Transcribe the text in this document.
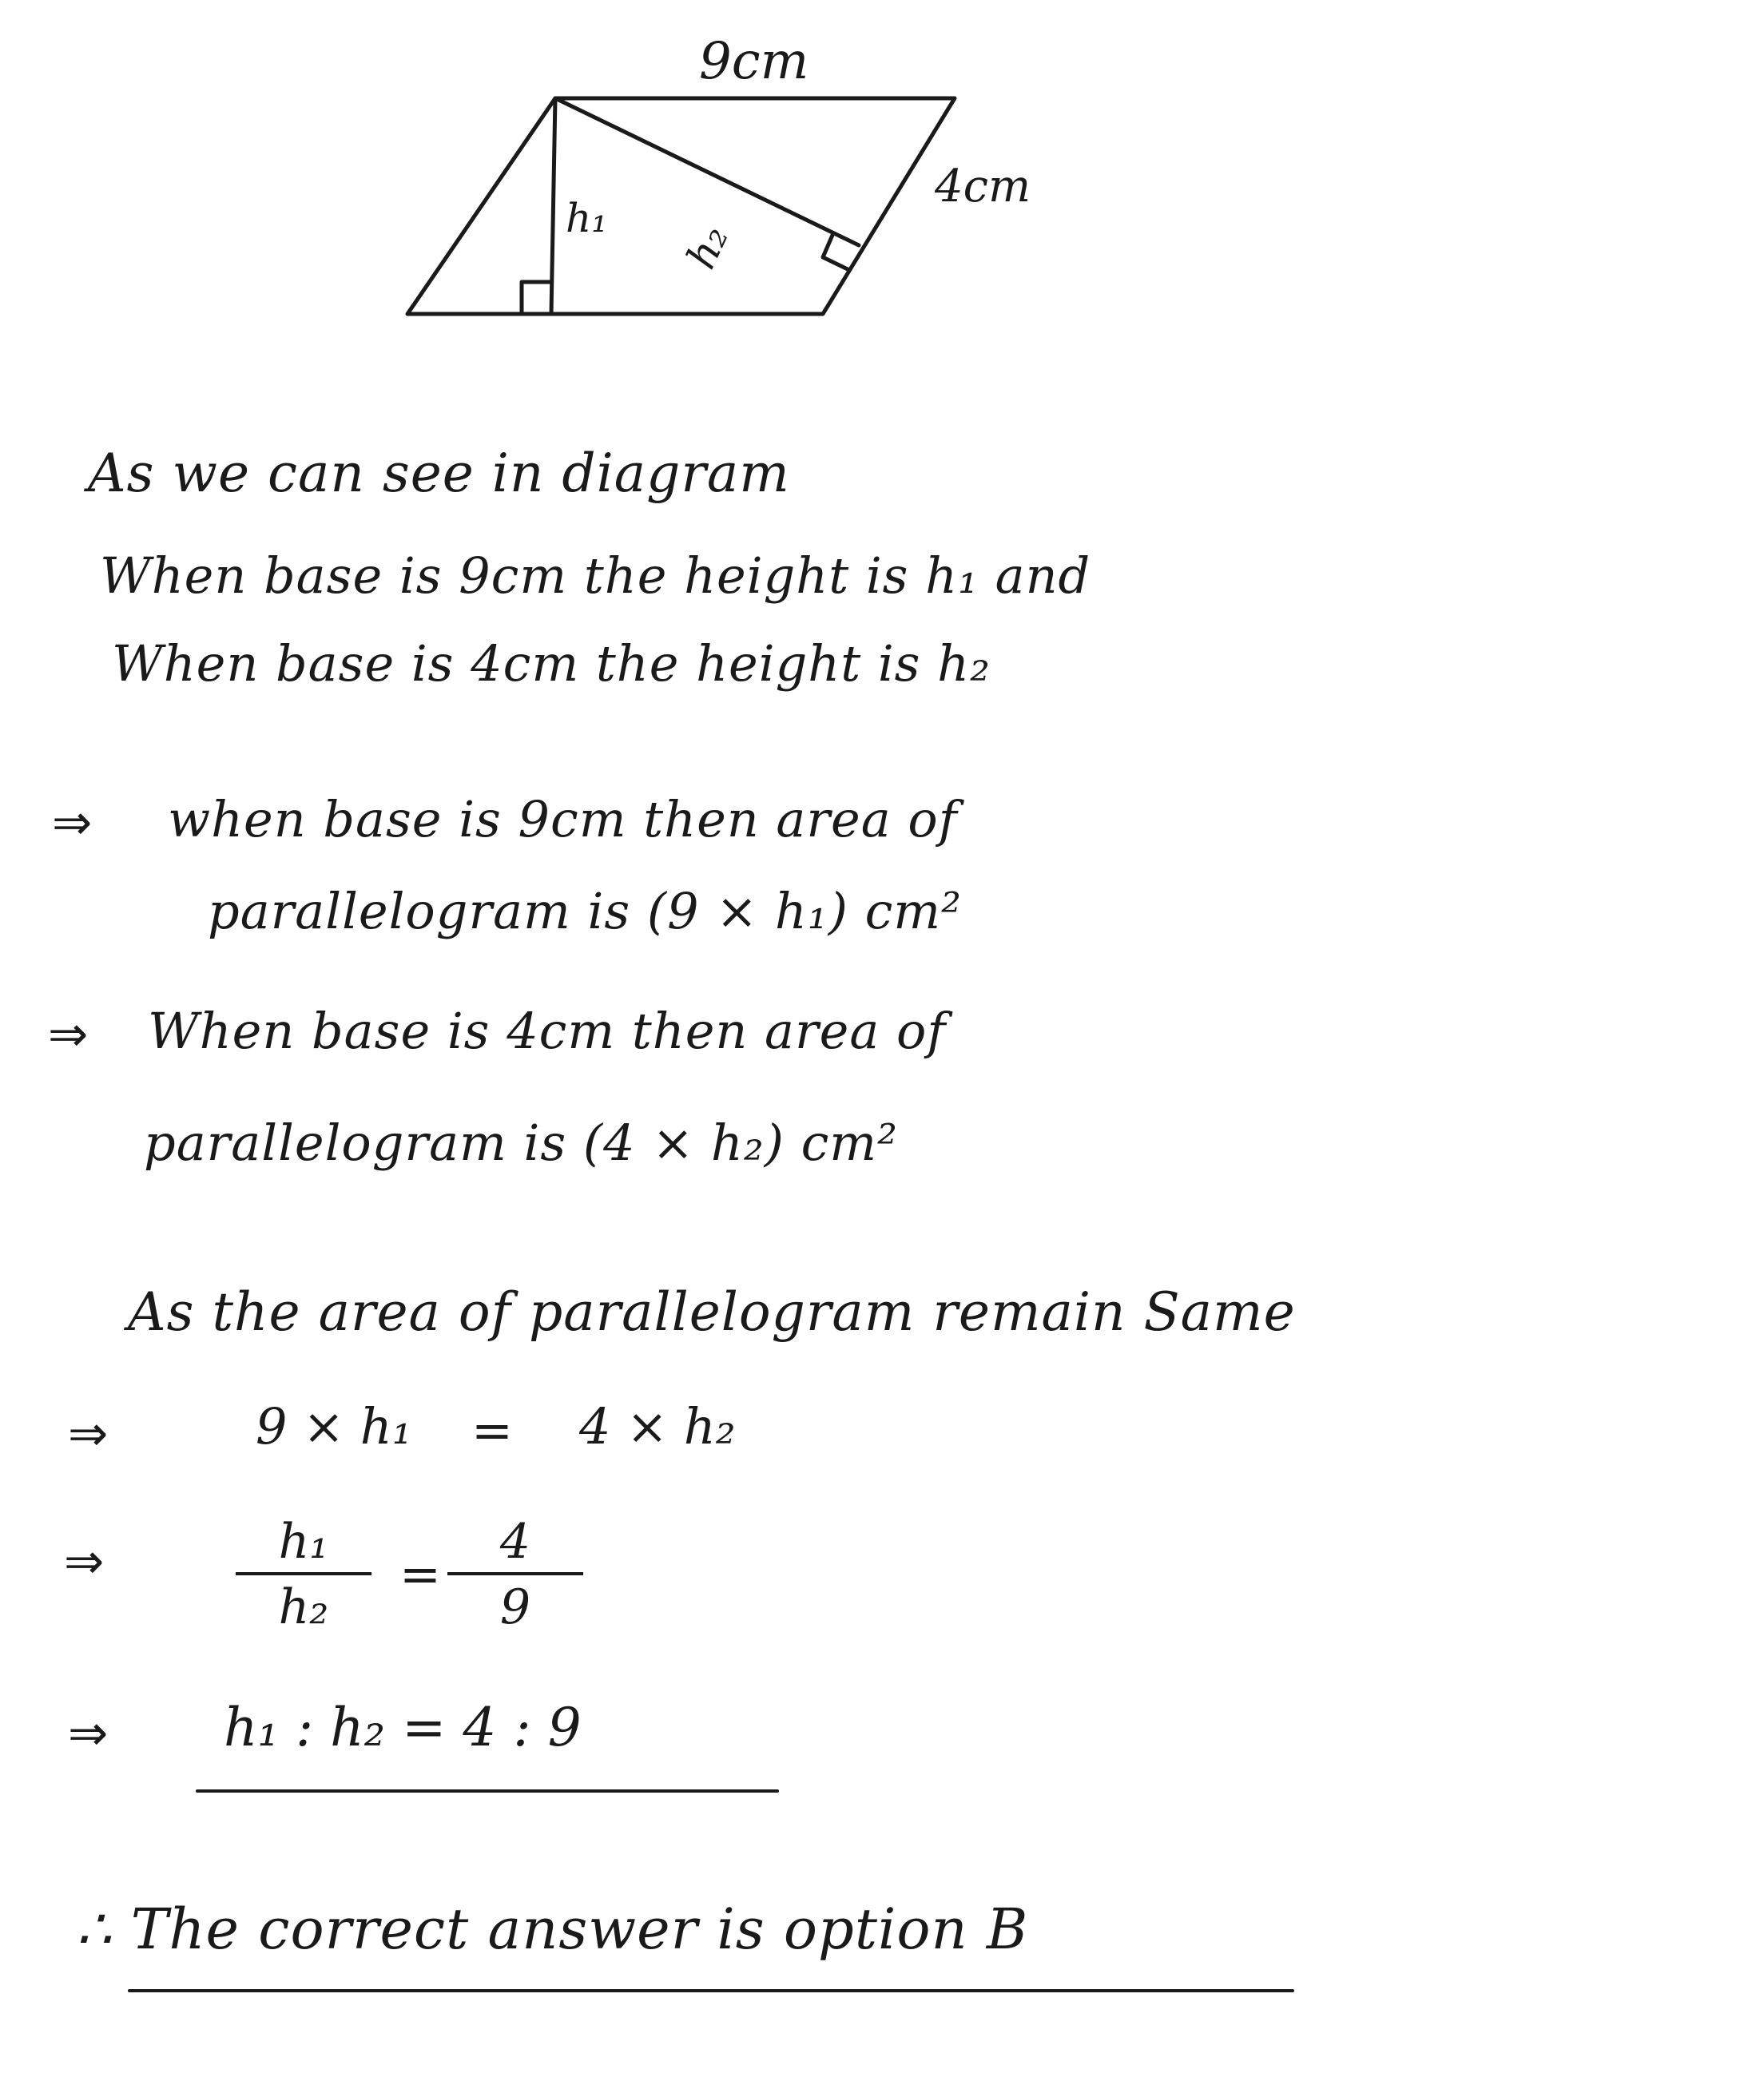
9cm
4cm
h₁
h₂
As we can see in diagram
When base is 9cm the height is h₁ and
When base is 4cm the height is h₂
⇒ when base is 9cm then area of
parallelogram is (9 × h₁) cm²
⇒ When base is 4cm then area of
parallelogram is (4 × h₂) cm²
As the area of parallelogram remain Same
⇒	9 × h₁ = 4 × h₂
⇒	h₁
h₂
=
4
9
⇒ h₁ : h₂ = 4 : 9
∴ The correct answer is option B
